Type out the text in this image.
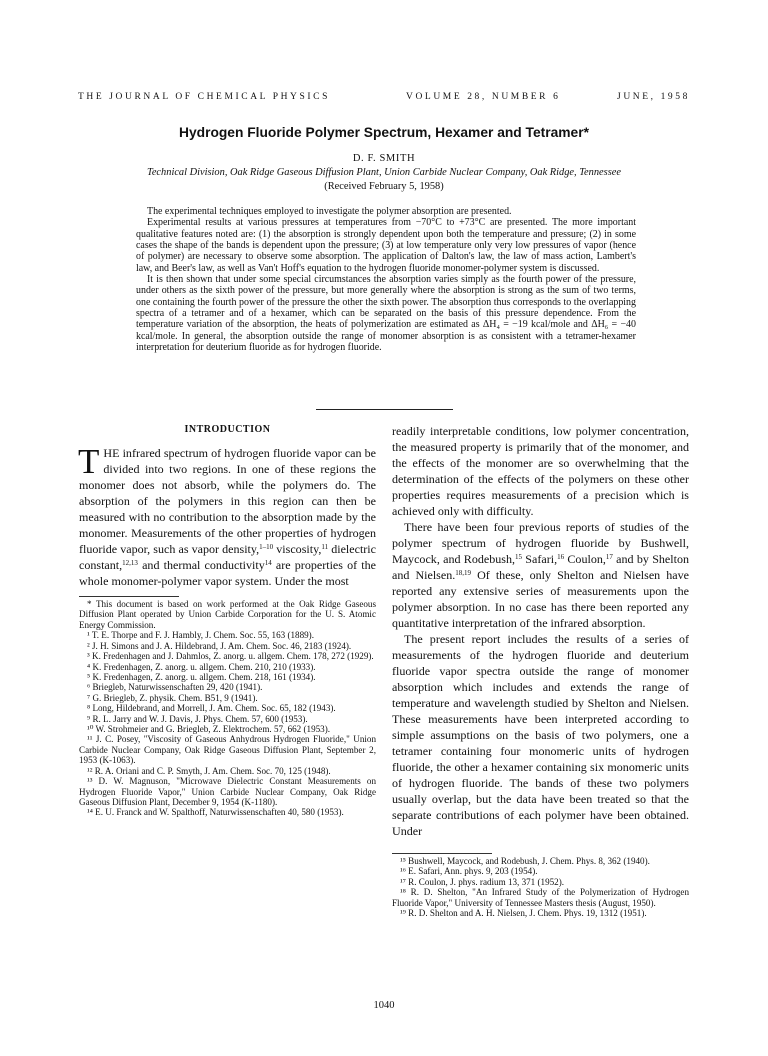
THE JOURNAL OF CHEMICAL PHYSICS	VOLUME 28, NUMBER 6	JUNE, 1958
Hydrogen Fluoride Polymer Spectrum, Hexamer and Tetramer*
D. F. SMITH
Technical Division, Oak Ridge Gaseous Diffusion Plant, Union Carbide Nuclear Company, Oak Ridge, Tennessee
(Received February 5, 1958)

The experimental techniques employed to investigate the polymer absorption are presented.

Experimental results at various pressures at temperatures from −70°C to +73°C are presented. The more important qualitative features noted are: (1) the absorption is strongly dependent upon both the temperature and pressure; (2) in some cases the shape of the bands is dependent upon the pressure; (3) at low temperature only very low pressures of vapor (hence of polymer) are necessary to observe some absorption. The application of Dalton's law, the law of mass action, Lambert's law, and Beer's law, as well as Van't Hoff's equation to the hydrogen fluoride monomer-polymer system is discussed.

It is then shown that under some special circumstances the absorption varies simply as the fourth power of the pressure, under others as the sixth power of the pressure, but more generally where the absorption is strong as the sum of two terms, one containing the fourth power of the pressure the other the sixth power. The absorption thus corresponds to the overlapping spectra of a tetramer and of a hexamer, which can be separated on the basis of this pressure dependence. From the temperature variation of the absorption, the heats of polymerization are estimated as ΔH₄ = −19 kcal/mole and ΔH₆ = −40 kcal/mole. In general, the absorption outside the range of monomer absorption is as consistent with a tetramer-hexamer interpretation for deuterium fluoride as for hydrogen fluoride.

INTRODUCTION

THE infrared spectrum of hydrogen fluoride vapor can be divided into two regions. In one of these regions the monomer does not absorb, while the polymers do. The absorption of the polymers in this region can then be measured with no contribution to the absorption made by the monomer. Measurements of the other properties of hydrogen fluoride vapor, such as vapor density,$^{1-10}$ viscosity,$^{11}$ dielectric constant,$^{12,13}$ and thermal conductivity$^{14}$ are properties of the whole monomer-polymer vapor system. Under the most

* This document is based on work performed at the Oak Ridge Gaseous Diffusion Plant operated by Union Carbide Corporation for the U. S. Atomic Energy Commission.

¹ T. E. Thorpe and F. J. Hambly, J. Chem. Soc. 55, 163 (1889).

² J. H. Simons and J. A. Hildebrand, J. Am. Chem. Soc. 46, 2183 (1924).

³ K. Fredenhagen and J. Dahmlos, Z. anorg. u. allgem. Chem. 178, 272 (1929).

⁴ K. Fredenhagen, Z. anorg. u. allgem. Chem. 210, 210 (1933).

⁵ K. Fredenhagen, Z. anorg. u. allgem. Chem. 218, 161 (1934).

⁶ Briegleb, Naturwissenschaften 29, 420 (1941).

⁷ G. Briegleb, Z. physik. Chem. B51, 9 (1941).

⁸ Long, Hildebrand, and Morrell, J. Am. Chem. Soc. 65, 182 (1943).

⁹ R. L. Jarry and W. J. Davis, J. Phys. Chem. 57, 600 (1953).

¹⁰ W. Strohmeier and G. Briegleb, Z. Elektrochem. 57, 662 (1953).

¹¹ J. C. Posey, "Viscosity of Gaseous Anhydrous Hydrogen Fluoride," Union Carbide Nuclear Company, Oak Ridge Gaseous Diffusion Plant, September 2, 1953 (K-1063).

¹² R. A. Oriani and C. P. Smyth, J. Am. Chem. Soc. 70, 125 (1948).

¹³ D. W. Magnuson, "Microwave Dielectric Constant Measurements on Hydrogen Fluoride Vapor," Union Carbide Nuclear Company, Oak Ridge Gaseous Diffusion Plant, December 9, 1954 (K-1180).

¹⁴ E. U. Franck and W. Spalthoff, Naturwissenschaften 40, 580 (1953).

readily interpretable conditions, low polymer concentration, the measured property is primarily that of the monomer, and the effects of the monomer are so overwhelming that the determination of the effects of the polymers on these other properties requires measurements of a precision which is achieved only with difficulty.

There have been four previous reports of studies of the polymer spectrum of hydrogen fluoride by Bushwell, Maycock, and Rodebush,$^{15}$ Safari,$^{16}$ Coulon,$^{17}$ and by Shelton and Nielsen.$^{18,19}$ Of these, only Shelton and Nielsen have reported any extensive series of measurements upon the polymer absorption. In no case has there been reported any quantitative interpretation of the infrared absorption.

The present report includes the results of a series of measurements of the hydrogen fluoride and deuterium fluoride vapor spectra outside the range of monomer absorption which includes and extends the range of temperature and wavelength studied by Shelton and Nielsen. These measurements have been interpreted according to simple assumptions on the basis of two polymers, one a tetramer containing four monomeric units of hydrogen fluoride, the other a hexamer containing six monomeric units of hydrogen fluoride. The bands of these two polymers usually overlap, but the data have been treated so that the separate contributions of each polymer have been obtained. Under

¹⁵ Bushwell, Maycock, and Rodebush, J. Chem. Phys. 8, 362 (1940).

¹⁶ E. Safari, Ann. phys. 9, 203 (1954).

¹⁷ R. Coulon, J. phys. radium 13, 371 (1952).

¹⁸ R. D. Shelton, "An Infrared Study of the Polymerization of Hydrogen Fluoride Vapor," University of Tennessee Masters thesis (August, 1950).

¹⁹ R. D. Shelton and A. H. Nielsen, J. Chem. Phys. 19, 1312 (1951).

1040
